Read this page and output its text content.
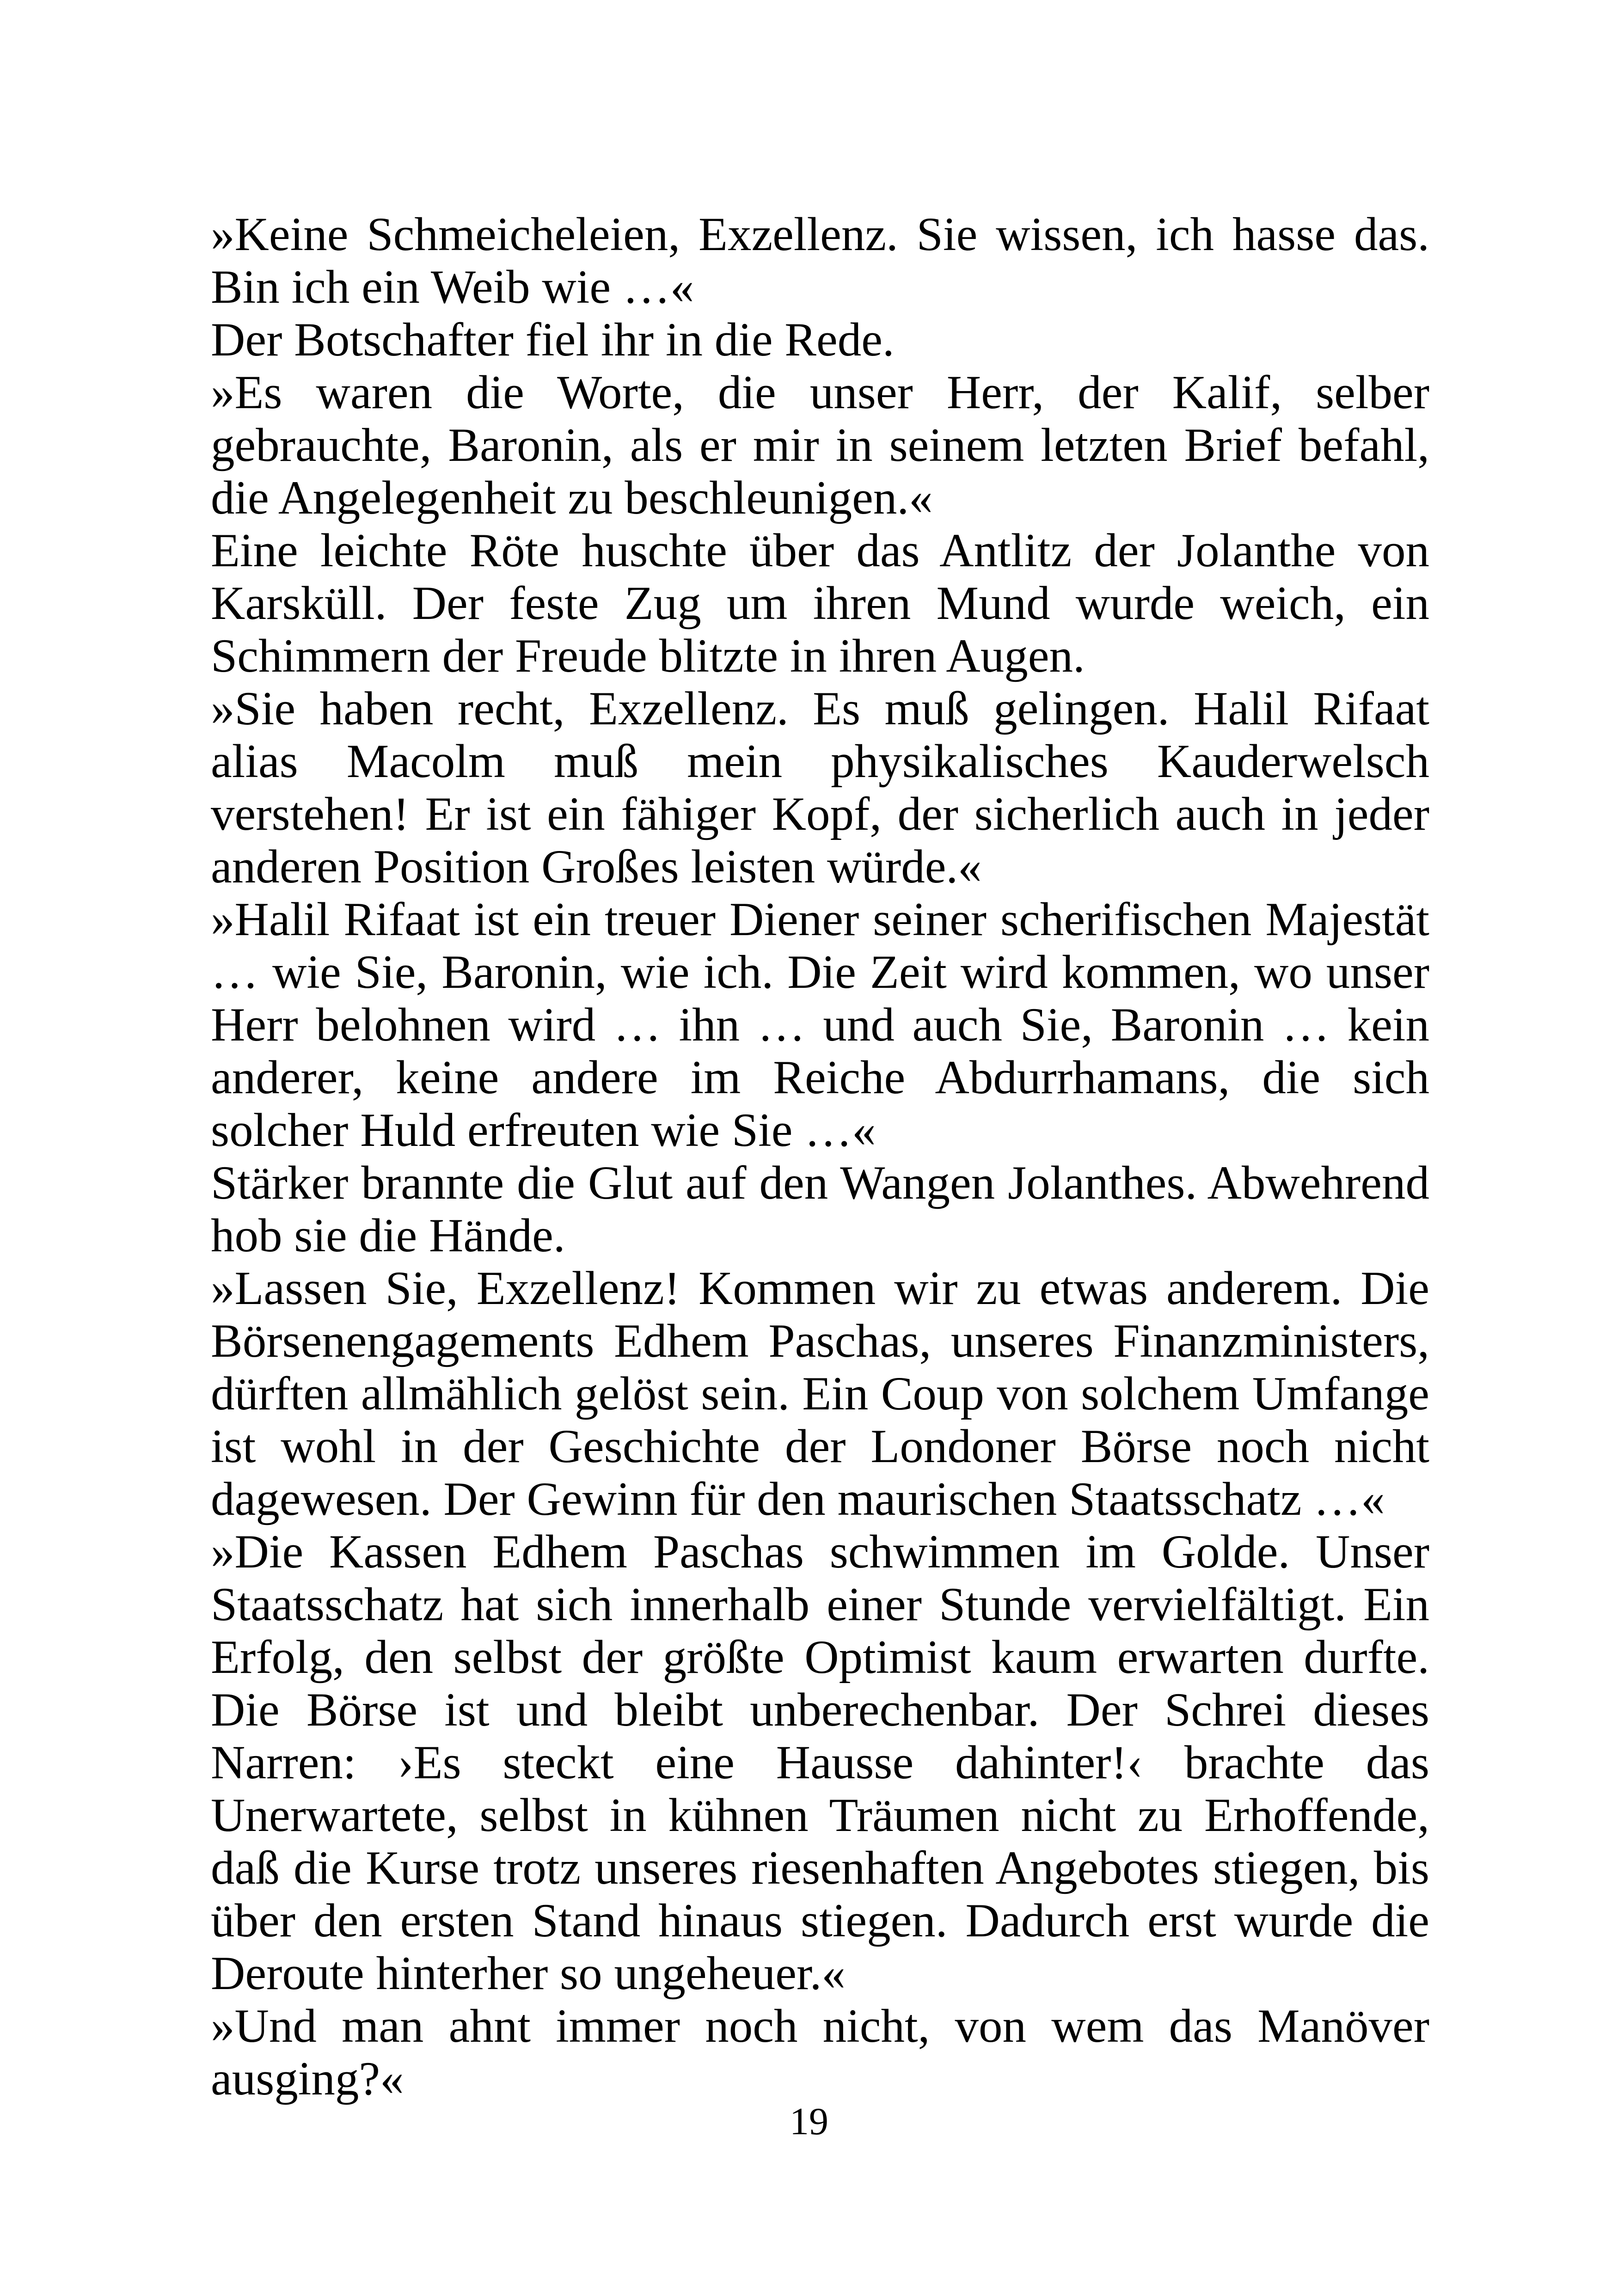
»Keine Schmeicheleien, Exzellenz. Sie wissen, ich hasse das. Bin ich ein Weib wie …«

Der Botschafter fiel ihr in die Rede.

»Es waren die Worte, die unser Herr, der Kalif, selber gebrauchte, Baronin, als er mir in seinem letzten Brief befahl, die Angelegenheit zu beschleunigen.«

Eine leichte Röte huschte über das Antlitz der Jolanthe von Karsküll. Der feste Zug um ihren Mund wurde weich, ein Schimmern der Freude blitzte in ihren Augen.

»Sie haben recht, Exzellenz. Es muß gelingen. Halil Rifaat alias Macolm muß mein physikalisches Kauderwelsch verstehen! Er ist ein fähiger Kopf, der sicherlich auch in jeder anderen Position Großes leisten würde.«

»Halil Rifaat ist ein treuer Diener seiner scherifischen Majestät … wie Sie, Baronin, wie ich. Die Zeit wird kommen, wo unser Herr belohnen wird … ihn … und auch Sie, Baronin … kein anderer, keine andere im Reiche Abdurrhamans, die sich solcher Huld erfreuten wie Sie …«

Stärker brannte die Glut auf den Wangen Jolanthes. Abwehrend hob sie die Hände.

»Lassen Sie, Exzellenz! Kommen wir zu etwas anderem. Die Börsenengagements Edhem Paschas, unseres Finanzministers, dürften allmählich gelöst sein. Ein Coup von solchem Umfange ist wohl in der Geschichte der Londoner Börse noch nicht dagewesen. Der Gewinn für den maurischen Staatsschatz …«

»Die Kassen Edhem Paschas schwimmen im Golde. Unser Staatsschatz hat sich innerhalb einer Stunde vervielfältigt. Ein Erfolg, den selbst der größte Optimist kaum erwarten durfte. Die Börse ist und bleibt unberechenbar. Der Schrei dieses Narren: ›Es steckt eine Hausse dahinter!‹ brachte das Unerwartete, selbst in kühnen Träumen nicht zu Erhoffende, daß die Kurse trotz unseres riesenhaften Angebotes stiegen, bis über den ersten Stand hinaus stiegen. Dadurch erst wurde die Deroute hinterher so ungeheuer.«

»Und man ahnt immer noch nicht, von wem das Manöver ausging?«

19
